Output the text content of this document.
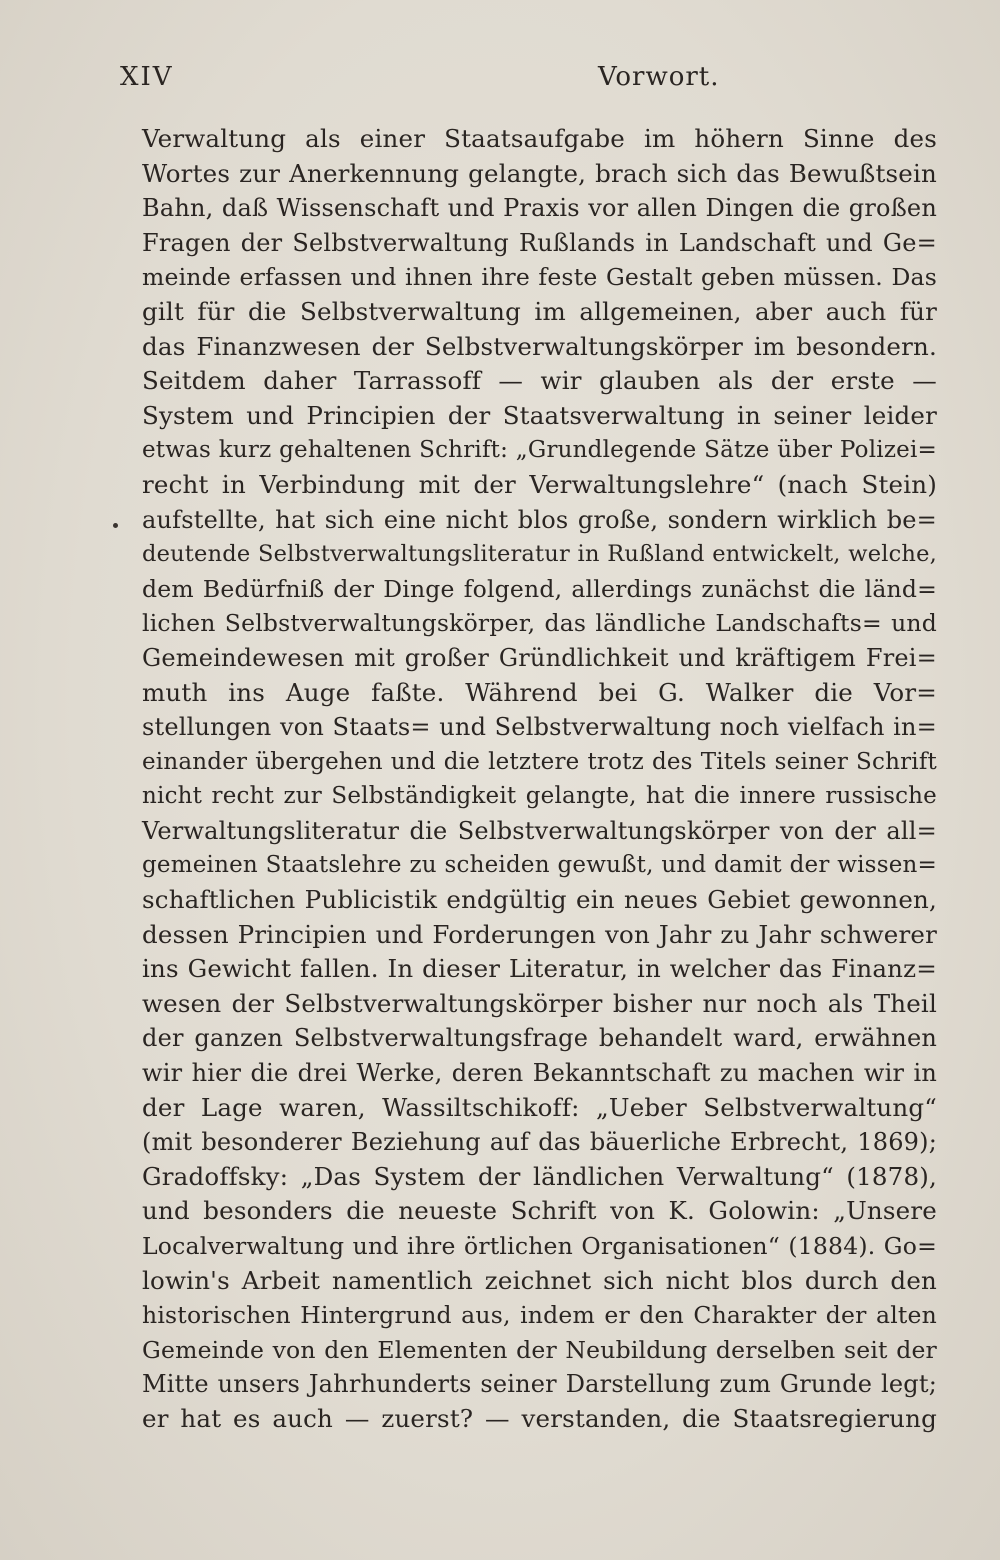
XIV	Vorwort.
Verwaltung als einer Staatsaufgabe im höhern Sinne des
Wortes zur Anerkennung gelangte, brach sich das Bewußtsein
Bahn, daß Wissenschaft und Praxis vor allen Dingen die großen
Fragen der Selbstverwaltung Rußlands in Landschaft und Ge=
meinde erfassen und ihnen ihre feste Gestalt geben müssen. Das
gilt für die Selbstverwaltung im allgemeinen, aber auch für
das Finanzwesen der Selbstverwaltungskörper im besondern.
Seitdem daher Tarrassoff — wir glauben als der erste —
System und Principien der Staatsverwaltung in seiner leider
etwas kurz gehaltenen Schrift: „Grundlegende Sätze über Polizei=
recht in Verbindung mit der Verwaltungslehre“ (nach Stein)
aufstellte, hat sich eine nicht blos große, sondern wirklich be=
deutende Selbstverwaltungsliteratur in Rußland entwickelt, welche,
dem Bedürfniß der Dinge folgend, allerdings zunächst die länd=
lichen Selbstverwaltungskörper, das ländliche Landschafts= und
Gemeindewesen mit großer Gründlichkeit und kräftigem Frei=
muth ins Auge faßte. Während bei G. Walker die Vor=
stellungen von Staats= und Selbstverwaltung noch vielfach in=
einander übergehen und die letztere trotz des Titels seiner Schrift
nicht recht zur Selbständigkeit gelangte, hat die innere russische
Verwaltungsliteratur die Selbstverwaltungskörper von der all=
gemeinen Staatslehre zu scheiden gewußt, und damit der wissen=
schaftlichen Publicistik endgültig ein neues Gebiet gewonnen,
dessen Principien und Forderungen von Jahr zu Jahr schwerer
ins Gewicht fallen. In dieser Literatur, in welcher das Finanz=
wesen der Selbstverwaltungskörper bisher nur noch als Theil
der ganzen Selbstverwaltungsfrage behandelt ward, erwähnen
wir hier die drei Werke, deren Bekanntschaft zu machen wir in
der Lage waren, Wassiltschikoff: „Ueber Selbstverwaltung“
(mit besonderer Beziehung auf das bäuerliche Erbrecht, 1869);
Gradoffsky: „Das System der ländlichen Verwaltung“ (1878),
und besonders die neueste Schrift von K. Golowin: „Unsere
Localverwaltung und ihre örtlichen Organisationen“ (1884). Go=
lowin's Arbeit namentlich zeichnet sich nicht blos durch den
historischen Hintergrund aus, indem er den Charakter der alten
Gemeinde von den Elementen der Neubildung derselben seit der
Mitte unsers Jahrhunderts seiner Darstellung zum Grunde legt;
er hat es auch — zuerst? — verstanden, die Staatsregierung
